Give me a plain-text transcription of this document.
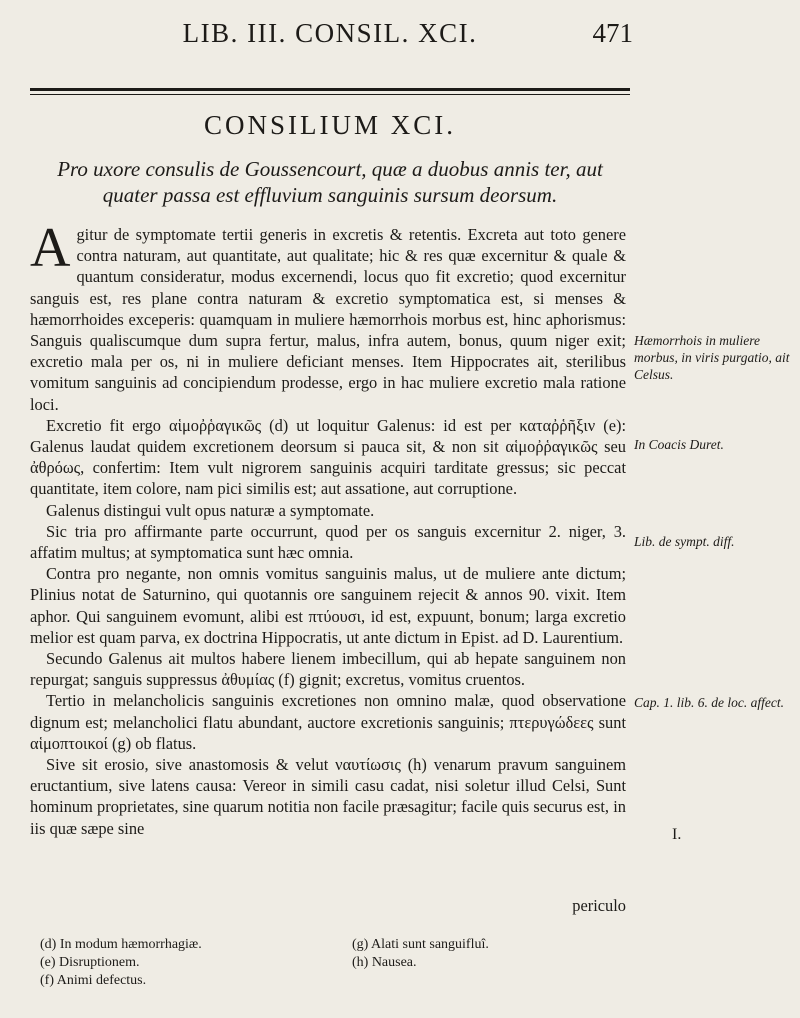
LIB. III. CONSIL. XCI.	471
CONSILIUM XCI.
Pro uxore consulis de Goussencourt, quæ a duobus annis ter, aut quater passa est effluvium sanguinis sursum deorsum.

Agitur de symptomate tertii generis in excretis & retentis. Excreta aut toto genere contra naturam, aut quantitate, aut qualitate; hic & res quæ excernitur & quale & quantum consideratur, modus excernendi, locus quo fit excretio; quod excernitur sanguis est, res plane contra naturam & excretio symptomatica est, si menses & hæmorrhoides exceperis: quamquam in muliere hæmorrhois morbus est, hinc aphorismus: Sanguis qualiscumque dum supra fertur, malus, infra autem, bonus, quum niger exit; excretio mala per os, ni in muliere deficiant menses. Item Hippocrates ait, sterilibus vomitum sanguinis ad concipiendum prodesse, ergo in hac muliere excretio mala ratione loci.

Excretio fit ergo αἱμοῤῥαγικῶς (d) ut loquitur Galenus: id est per καταῤῥῆξιν (e): Galenus laudat quidem excretionem deorsum si pauca sit, & non sit αἱμοῤῥαγικῶς seu ἀθρόως, confertim: Item vult nigrorem sanguinis acquiri tarditate gressus; sic peccat quantitate, item colore, nam pici similis est; aut assatione, aut corruptione.

Galenus distingui vult opus naturæ a symptomate.

Sic tria pro affirmante parte occurrunt, quod per os sanguis excernitur 2. niger, 3. affatim multus; at symptomatica sunt hæc omnia.

Contra pro negante, non omnis vomitus sanguinis malus, ut de muliere ante dictum; Plinius notat de Saturnino, qui quotannis ore sanguinem rejecit & annos 90. vixit. Item aphor. Qui sanguinem evomunt, alibi est πτύουσι, id est, expuunt, bonum; larga excretio melior est quam parva, ex doctrina Hippocratis, ut ante dictum in Epist. ad D. Laurentium.

Secundo Galenus ait multos habere lienem imbecillum, qui ab hepate sanguinem non repurgat; sanguis suppressus ἀθυμίας (f) gignit; excretus, vomitus cruentos.

Tertio in melancholicis sanguinis excretiones non omnino malæ, quod observatione dignum est; melancholici flatu abundant, auctore excretionis sanguinis; πτερυγώδεες sunt αἱμοπτοικοί (g) ob flatus.

Sive sit erosio, sive anastomosis & velut ναυτίωσις (h) venarum pravum sanguinem eructantium, sive latens causa: Vereor in simili casu cadat, nisi soletur illud Celsi, Sunt hominum proprietates, sine quarum notitia non facile præsagitur; facile quis securus est, in iis quæ sæpe sine

periculo
Hæmorrhois in muliere morbus, in viris purgatio, ait Celsus.
In Coacis Duret.
Lib. de sympt. diff.
Cap. 1. lib. 6. de loc. affect.
I.
(d) In modum hæmorrhagiæ.
(e) Disruptionem.
(f) Animi defectus.
(g) Alati sunt sanguifluî.
(h) Nausea.
